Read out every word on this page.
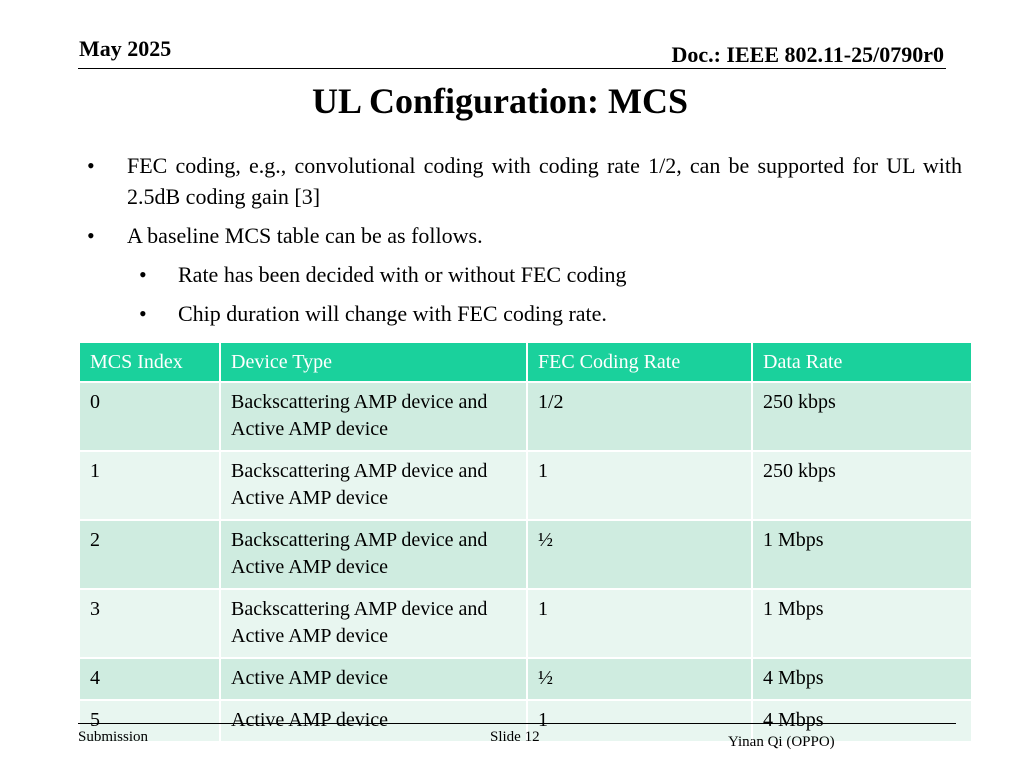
May 2025	Doc.: IEEE 802.11-25/0790r0
UL Configuration: MCS
• FEC coding, e.g., convolutional coding with coding rate 1/2, can be supported for UL with 2.5dB coding gain [3]
• A baseline MCS table can be as follows.
• Rate has been decided with or without FEC coding
• Chip duration will change with FEC coding rate.
MCS Index	Device Type	FEC Coding Rate	Data Rate
0	Backscattering AMP device and Active AMP device	1/2	250 kbps
1	Backscattering AMP device and Active AMP device	1	250 kbps
2	Backscattering AMP device and Active AMP device	½	1 Mbps
3	Backscattering AMP device and Active AMP device	1	1 Mbps
4	Active AMP device	½	4 Mbps
5	Active AMP device	1	4 Mbps
Submission	Slide 12	Yinan Qi (OPPO)
